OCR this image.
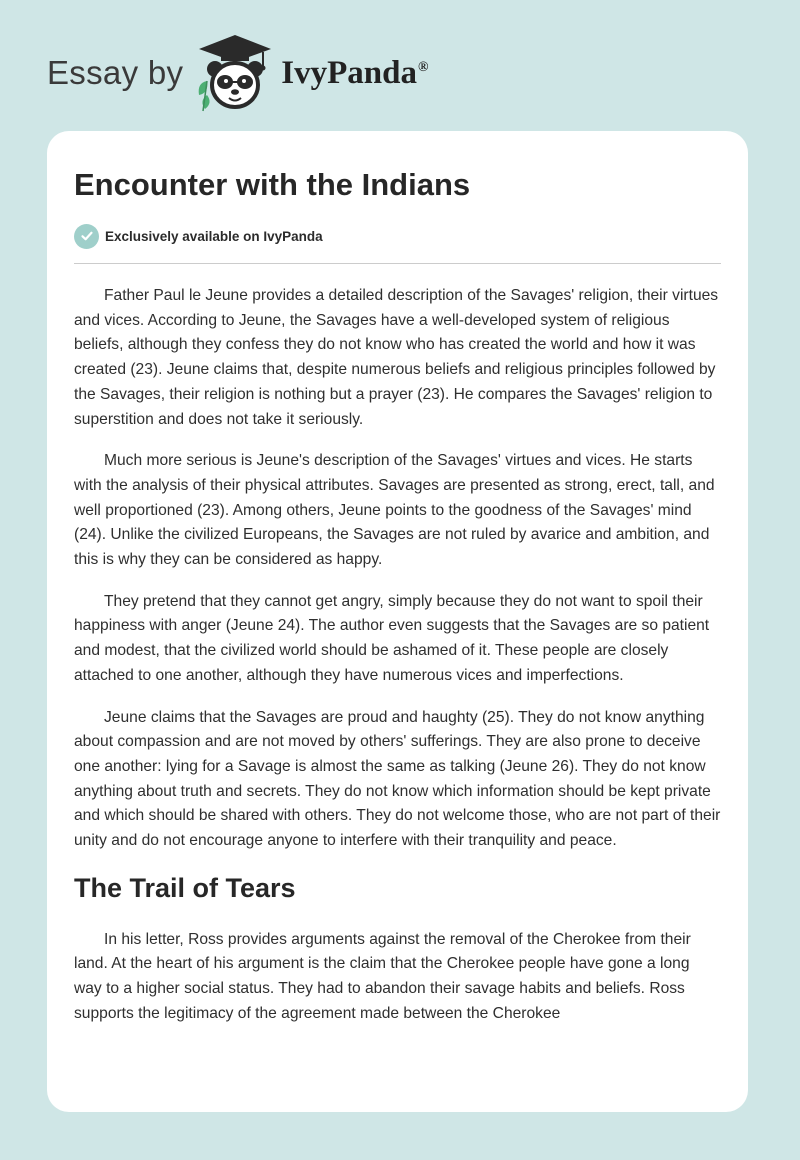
Essay by	IvyPanda®
Encounter with the Indians
Exclusively available on IvyPanda

Father Paul le Jeune provides a detailed description of the Savages' religion, their virtues and vices. According to Jeune, the Savages have a well-developed system of religious beliefs, although they confess they do not know who has created the world and how it was created (23). Jeune claims that, despite numerous beliefs and religious principles followed by the Savages, their religion is nothing but a prayer (23). He compares the Savages' religion to superstition and does not take it seriously.

Much more serious is Jeune's description of the Savages' virtues and vices. He starts with the analysis of their physical attributes. Savages are presented as strong, erect, tall, and well proportioned (23). Among others, Jeune points to the goodness of the Savages' mind (24). Unlike the civilized Europeans, the Savages are not ruled by avarice and ambition, and this is why they can be considered as happy.

They pretend that they cannot get angry, simply because they do not want to spoil their happiness with anger (Jeune 24). The author even suggests that the Savages are so patient and modest, that the civilized world should be ashamed of it. These people are closely attached to one another, although they have numerous vices and imperfections.

Jeune claims that the Savages are proud and haughty (25). They do not know anything about compassion and are not moved by others' sufferings. They are also prone to deceive one another: lying for a Savage is almost the same as talking (Jeune 26). They do not know anything about truth and secrets. They do not know which information should be kept private and which should be shared with others. They do not welcome those, who are not part of their unity and do not encourage anyone to interfere with their tranquility and peace.

The Trail of Tears

In his letter, Ross provides arguments against the removal of the Cherokee from their land. At the heart of his argument is the claim that the Cherokee people have gone a long way to a higher social status. They had to abandon their savage habits and beliefs. Ross supports the legitimacy of the agreement made between the Cherokee
